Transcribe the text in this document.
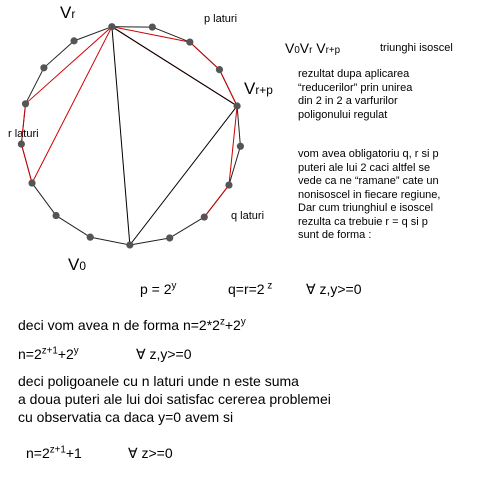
Vr
Vr+p
V0
p laturi
r laturi
q laturi
V0Vr Vr+p	triunghi isoscel
rezultat dupa aplicarea
“reducerilor” prin unirea
din 2 in 2 a varfurilor
poligonului regulat
vom avea obligatoriu q, r si p
puteri ale lui 2 caci altfel se
vede ca ne “ramane” cate un
nonisoscel in fiecare regiune,
Dar cum triunghiul e isoscel
rezulta ca trebuie r = q si p
sunt de forma :
$p = 2^y$	q=r=2 $^z$ ∀ z,y>=0
deci vom avea n de forma $n=2*2^z+2^y$
$n=2^{z+1}+2^y$	∀ z,y>=0
deci poligoanele cu n laturi unde n este suma
a doua puteri ale lui doi satisfac cererea problemei
cu observatia ca daca y=0 avem si
$n=2^{z+1}+1$	∀ z>=0
